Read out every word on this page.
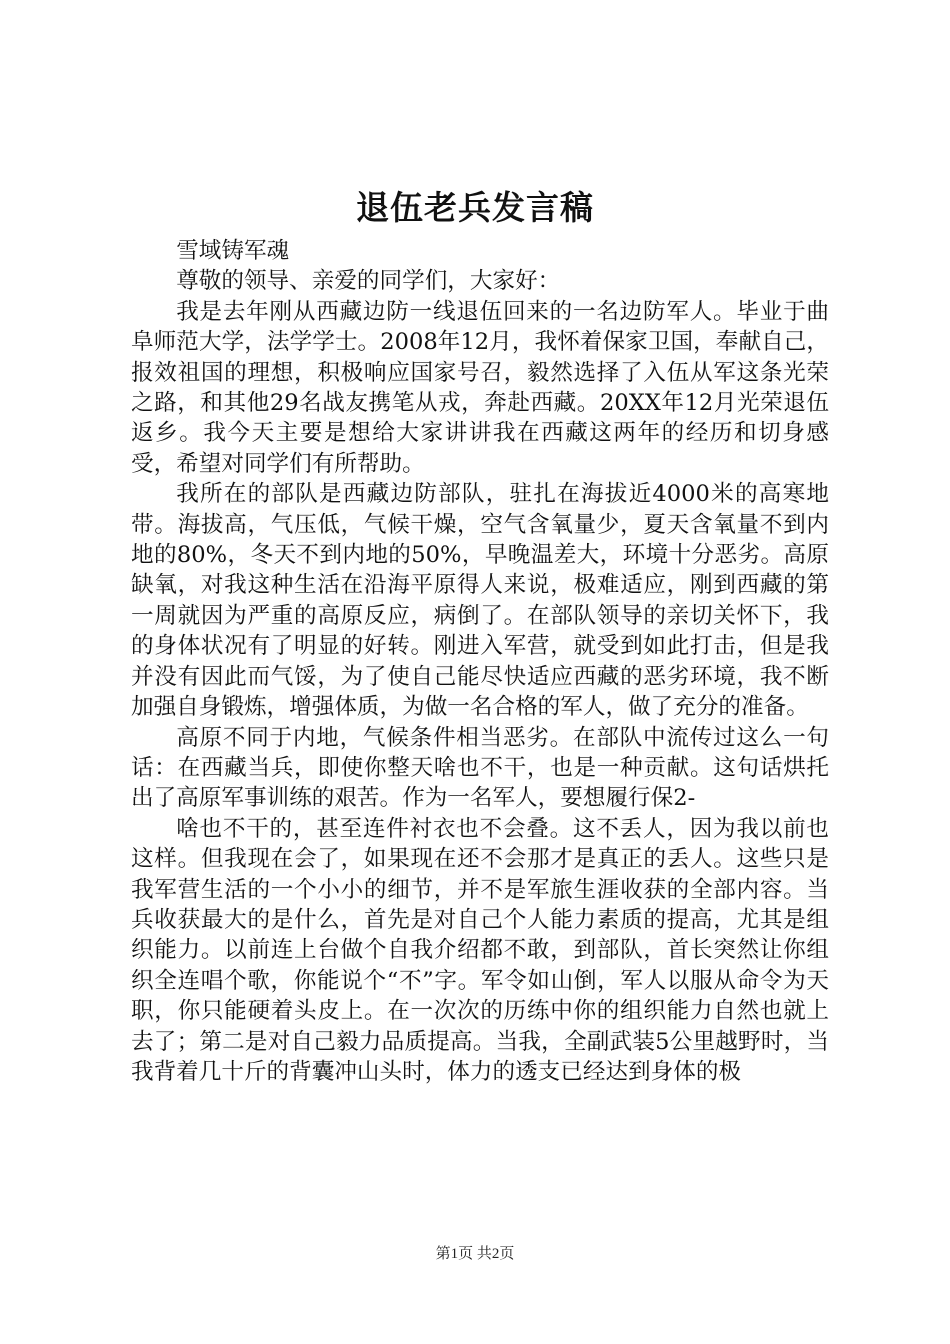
退伍老兵发言稿

雪域铸军魂

尊敬的领导、亲爱的同学们，大家好：

我是去年刚从西藏边防一线退伍回来的一名边防军人。毕业于曲阜师范大学，法学学士。2008年12月，我怀着保家卫国，奉献自己，报效祖国的理想，积极响应国家号召，毅然选择了入伍从军这条光荣之路，和其他29名战友携笔从戎，奔赴西藏。20XX年12月光荣退伍返乡。我今天主要是想给大家讲讲我在西藏这两年的经历和切身感受，希望对同学们有所帮助。

我所在的部队是西藏边防部队，驻扎在海拔近4000米的高寒地带。海拔高，气压低，气候干燥，空气含氧量少，夏天含氧量不到内地的80%，冬天不到内地的50%，早晚温差大，环境十分恶劣。高原缺氧，对我这种生活在沿海平原得人来说，极难适应，刚到西藏的第一周就因为严重的高原反应，病倒了。在部队领导的亲切关怀下，我的身体状况有了明显的好转。刚进入军营，就受到如此打击，但是我并没有因此而气馁，为了使自己能尽快适应西藏的恶劣环境，我不断加强自身锻炼，增强体质，为做一名合格的军人，做了充分的准备。

高原不同于内地，气候条件相当恶劣。在部队中流传过这么一句话：在西藏当兵，即使你整天啥也不干，也是一种贡献。这句话烘托出了高原军事训练的艰苦。作为一名军人，要想履行保2-

啥也不干的，甚至连件衬衣也不会叠。这不丢人，因为我以前也这样。但我现在会了，如果现在还不会那才是真正的丢人。这些只是我军营生活的一个小小的细节，并不是军旅生涯收获的全部内容。当兵收获最大的是什么，首先是对自己个人能力素质的提高，尤其是组织能力。以前连上台做个自我介绍都不敢，到部队，首长突然让你组织全连唱个歌，你能说个“不”字。军令如山倒，军人以服从命令为天职，你只能硬着头皮上。在一次次的历练中你的组织能力自然也就上去了；第二是对自己毅力品质提高。当我，全副武装5公里越野时，当我背着几十斤的背囊冲山头时，体力的透支已经达到身体的极

第1页 共2页
